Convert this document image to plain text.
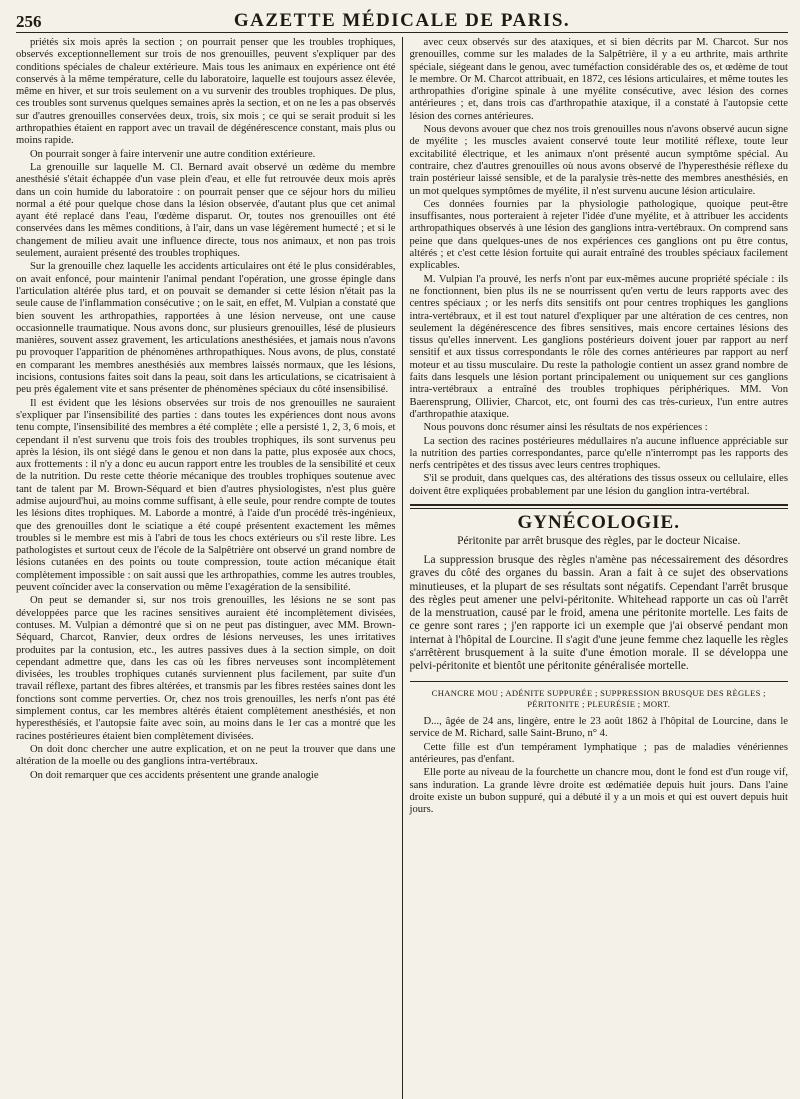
256	GAZETTE MÉDICALE DE PARIS.

priétés six mois après la section ; on pourrait penser que les troubles trophiques, observés exceptionnellement sur trois de nos grenouilles, peuvent s'expliquer par des conditions spéciales de chaleur extérieure. Mais tous les animaux en expérience ont été conservés à la même température, celle du laboratoire, laquelle est toujours assez élevée, même en hiver, et sur trois seulement on a vu survenir des troubles trophiques. De plus, ces troubles sont survenus quelques semaines après la section, et on ne les a pas observés sur d'autres grenouilles conservées deux, trois, six mois ; ce qui se serait produit si les arthropathies étaient en rapport avec un travail de dégénérescence constant, mais plus ou moins rapide.

On pourrait songer à faire intervenir une autre condition extérieure.

La grenouille sur laquelle M. Cl. Bernard avait observé un œdème du membre anesthésié s'était échappée d'un vase plein d'eau, et elle fut retrouvée deux mois après dans un coin humide du laboratoire : on pourrait penser que ce séjour hors du milieu normal a été pour quelque chose dans la lésion observée, d'autant plus que cet animal ayant été replacé dans l'eau, l'œdème disparut. Or, toutes nos grenouilles ont été conservées dans les mêmes conditions, à l'air, dans un vase légèrement humecté ; et si le changement de milieu avait une influence directe, tous nos animaux, et non pas trois seulement, auraient présenté des troubles trophiques.

Sur la grenouille chez laquelle les accidents articulaires ont été le plus considérables, on avait enfoncé, pour maintenir l'animal pendant l'opération, une grosse épingle dans l'articulation altérée plus tard, et on pouvait se demander si cette lésion n'était pas la seule cause de l'inflammation consécutive ; on le sait, en effet, M. Vulpian a constaté que bien souvent les arthropathies, rapportées à une lésion nerveuse, ont une cause occasionnelle traumatique. Nous avons donc, sur plusieurs grenouilles, lésé de plusieurs manières, souvent assez gravement, les articulations anesthésiées, et jamais nous n'avons pu provoquer l'apparition de phénomènes arthropathiques. Nous avons, de plus, constaté en comparant les membres anesthésiés aux membres laissés normaux, que les lésions, incisions, contusions faites soit dans la peau, soit dans les articulations, se cicatrisaient à peu près également vite et sans présenter de phénomènes spéciaux du côté insensibilisé.

Il est évident que les lésions observées sur trois de nos grenouilles ne sauraient s'expliquer par l'insensibilité des parties : dans toutes les expériences dont nous avons tenu compte, l'insensibilité des membres a été complète ; elle a persisté 1, 2, 3, 6 mois, et cependant il n'est survenu que trois fois des troubles trophiques, ils sont survenus peu après la lésion, ils ont siégé dans le genou et non dans la patte, plus exposée aux chocs, aux frottements : il n'y a donc eu aucun rapport entre les troubles de la sensibilité et ceux de la nutrition. Du reste cette théorie mécanique des troubles trophiques soutenue avec tant de talent par M. Brown-Séquard et bien d'autres physiologistes, n'est plus guère admise aujourd'hui, au moins comme suffisant, à elle seule, pour rendre compte de toutes les lésions dites trophiques. M. Laborde a montré, à l'aide d'un procédé très-ingénieux, que des grenouilles dont le sciatique a été coupé présentent exactement les mêmes troubles si le membre est mis à l'abri de tous les chocs extérieurs ou s'il reste libre. Les pathologistes et surtout ceux de l'école de la Salpêtrière ont observé un grand nombre de lésions cutanées en des points ou toute compression, toute action mécanique était complètement impossible : on sait aussi que les arthropathies, comme les autres troubles, peuvent coïncider avec la conservation ou même l'exagération de la sensibilité.

On peut se demander si, sur nos trois grenouilles, les lésions ne se sont pas développées parce que les racines sensitives auraient été incomplètement divisées, contuses. M. Vulpian a démontré que si on ne peut pas distinguer, avec MM. Brown-Séquard, Charcot, Ranvier, deux ordres de lésions nerveuses, les unes irritatives produites par la contusion, etc., les autres passives dues à la section simple, on doit cependant admettre que, dans les cas où les fibres nerveuses sont incomplètement divisées, les troubles trophiques cutanés surviennent plus facilement, par suite d'un travail réflexe, partant des fibres altérées, et transmis par les fibres restées saines dont les fonctions sont comme perverties. Or, chez nos trois grenouilles, les nerfs n'ont pas été simplement contus, car les membres altérés étaient complètement anesthésiés, et non hyperesthésiés, et l'autopsie faite avec soin, au moins dans le 1er cas a montré que les racines postérieures étaient bien complètement divisées.

On doit donc chercher une autre explication, et on ne peut la trouver que dans une altération de la moelle ou des ganglions intra-vertébraux.

On doit remarquer que ces accidents présentent une grande analogie

avec ceux observés sur des ataxiques, et si bien décrits par M. Charcot. Sur nos grenouilles, comme sur les malades de la Salpêtrière, il y a eu arthrite, mais arthrite spéciale, siégeant dans le genou, avec tuméfaction considérable des os, et œdème de tout le membre. Or M. Charcot attribuait, en 1872, ces lésions articulaires, et même toutes les arthropathies d'origine spinale à une myélite consécutive, avec lésion des cornes antérieures ; et, dans trois cas d'arthropathie ataxique, il a constaté à l'autopsie cette lésion des cornes antérieures.

Nous devons avouer que chez nos trois grenouilles nous n'avons observé aucun signe de myélite ; les muscles avaient conservé toute leur motilité réflexe, toute leur excitabilité électrique, et les animaux n'ont présenté aucun symptôme spécial. Au contraire, chez d'autres grenouilles où nous avons observé de l'hyperesthésie réflexe du train postérieur laissé sensible, et de la paralysie très-nette des membres anesthésiés, en un mot quelques symptômes de myélite, il n'est survenu aucune lésion articulaire.

Ces données fournies par la physiologie pathologique, quoique peut-être insuffisantes, nous porteraient à rejeter l'idée d'une myélite, et à attribuer les accidents arthropathiques observés à une lésion des ganglions intra-vertébraux. On comprend sans peine que dans quelques-unes de nos expériences ces ganglions ont pu être contus, altérés ; et c'est cette lésion fortuite qui aurait entraîné des troubles spéciaux facilement explicables.

M. Vulpian l'a prouvé, les nerfs n'ont par eux-mêmes aucune propriété spéciale : ils ne fonctionnent, bien plus ils ne se nourrissent qu'en vertu de leurs rapports avec des centres spéciaux ; or les nerfs dits sensitifs ont pour centres trophiques les ganglions intra-vertébraux, et il est tout naturel d'expliquer par une altération de ces centres, non seulement la dégénérescence des fibres sensitives, mais encore certaines lésions des tissus qu'elles innervent. Les ganglions postérieurs doivent jouer par rapport au nerf sensitif et aux tissus correspondants le rôle des cornes antérieures par rapport au nerf moteur et au tissu musculaire. Du reste la pathologie contient un assez grand nombre de faits dans lesquels une lésion portant principalement ou uniquement sur ces ganglions intra-vertébraux a entraîné des troubles trophiques périphériques. MM. Von Baerensprung, Ollivier, Charcot, etc, ont fourni des cas très-curieux, l'un entre autres d'arthropathie ataxique.

Nous pouvons donc résumer ainsi les résultats de nos expériences :

La section des racines postérieures médullaires n'a aucune influence appréciable sur la nutrition des parties correspondantes, parce qu'elle n'interrompt pas les rapports des nerfs centripètes et des tissus avec leurs centres trophiques.

S'il se produit, dans quelques cas, des altérations des tissus osseux ou cellulaire, elles doivent être expliquées probablement par une lésion du ganglion intra-vertébral.

GYNÉCOLOGIE.
Péritonite par arrêt brusque des règles, par le docteur Nicaise.

La suppression brusque des règles n'amène pas nécessairement des désordres graves du côté des organes du bassin. Aran a fait à ce sujet des observations minutieuses, et la plupart de ses résultats sont négatifs. Cependant l'arrêt brusque des règles peut amener une pelvi-péritonite. Whitehead rapporte un cas où l'arrêt de la menstruation, causé par le froid, amena une péritonite mortelle. Les faits de ce genre sont rares ; j'en rapporte ici un exemple que j'ai observé pendant mon internat à l'hôpital de Lourcine. Il s'agit d'une jeune femme chez laquelle les règles s'arrêtèrent brusquement à la suite d'une émotion morale. Il se développa une pelvi-péritonite et bientôt une péritonite généralisée mortelle.

CHANCRE MOU ; ADÉNITE SUPPURÉE ; SUPPRESSION BRUSQUE DES RÈGLES ; PÉRITONITE ; PLEURÉSIE ; MORT.

D..., âgée de 24 ans, lingère, entre le 23 août 1862 à l'hôpital de Lourcine, dans le service de M. Richard, salle Saint-Bruno, n° 4.

Cette fille est d'un tempérament lymphatique ; pas de maladies vénériennes antérieures, pas d'enfant.

Elle porte au niveau de la fourchette un chancre mou, dont le fond est d'un rouge vif, sans induration. La grande lèvre droite est œdématiée depuis huit jours. Dans l'aine droite existe un bubon suppuré, qui a débuté il y a un mois et qui est ouvert depuis huit jours.
